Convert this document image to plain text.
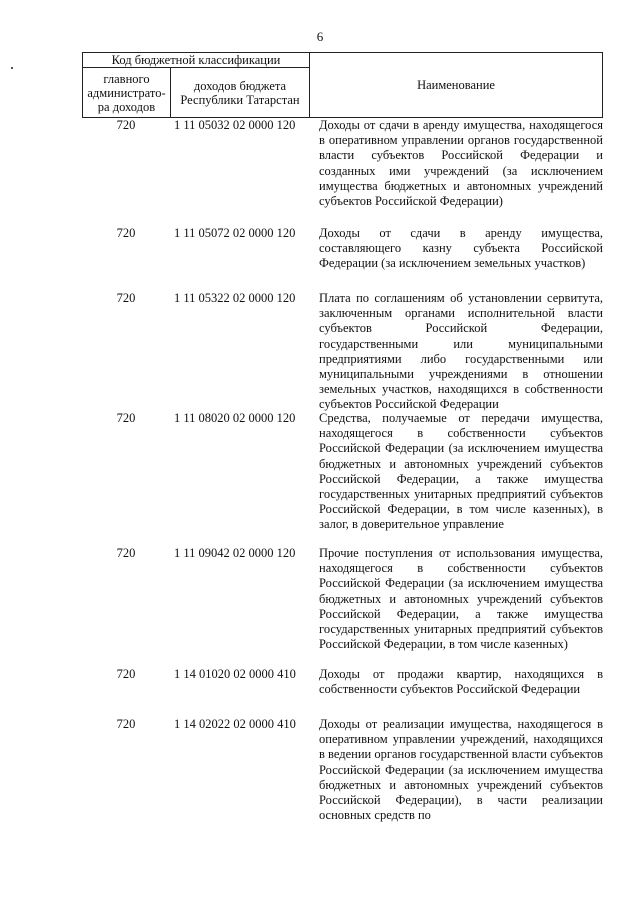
6
Код бюджетной классификации		Наименование
главного администрато-ра доходов	доходов бюджета Республики Татарстан	
720	1 11 05032 02 0000 120	Доходы от сдачи в аренду имущества, находящегося в оперативном управлении органов государственной власти субъектов Российской Федерации и созданных ими учреждений (за исключением имущества бюджетных и автономных учреждений субъектов Российской Федерации)
720	1 11 05072 02 0000 120	Доходы от сдачи в аренду имущества, составляющего казну субъекта Российской Федерации (за исключением земельных участков)
720	1 11 05322 02 0000 120	Плата по соглашениям об установлении сервитута, заключенным органами исполнительной власти субъектов Российской Федерации, государственными или муниципальными предприятиями либо государственными или муниципальными учреждениями в отношении земельных участков, находящихся в собственности субъектов Российской Федерации
720	1 11 08020 02 0000 120	Средства, получаемые от передачи имущества, находящегося в собственности субъектов Российской Федерации (за исключением имущества бюджетных и автономных учреждений субъектов Российской Федерации, а также имущества государственных унитарных предприятий субъектов Российской Федерации, в том числе казенных), в залог, в доверительное управление
720	1 11 09042 02 0000 120	Прочие поступления от использования имущества, находящегося в собственности субъектов Российской Федерации (за исключением имущества бюджетных и автономных учреждений субъектов Российской Федерации, а также имущества государственных унитарных предприятий субъектов Российской Федерации, в том числе казенных)
720	1 14 01020 02 0000 410	Доходы от продажи квартир, находящихся в собственности субъектов Российской Федерации
720	1 14 02022 02 0000 410	Доходы от реализации имущества, находящегося в оперативном управлении учреждений, находящихся в ведении органов государственной власти субъектов Российской Федерации (за исключением имущества бюджетных и автономных учреждений субъектов Российской Федерации), в части реализации основных средств по
